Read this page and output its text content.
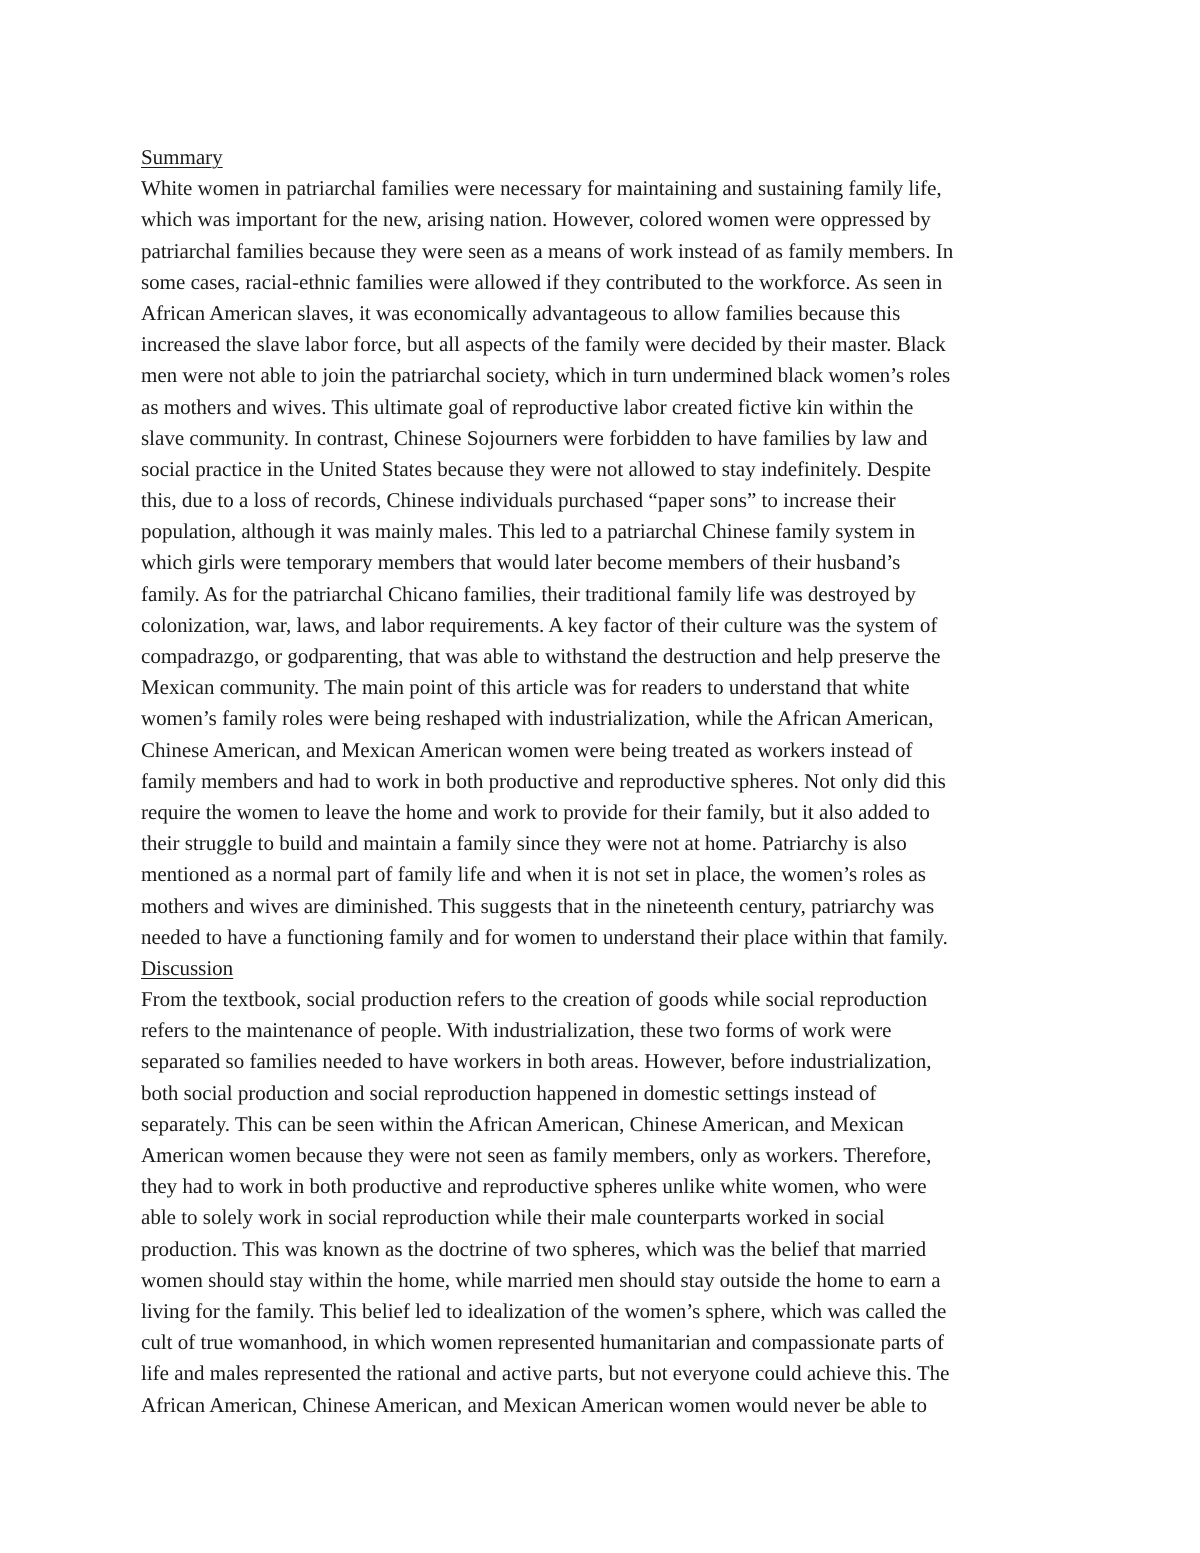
Summary
White women in patriarchal families were necessary for maintaining and sustaining family life,
which was important for the new, arising nation. However, colored women were oppressed by
patriarchal families because they were seen as a means of work instead of as family members. In
some cases, racial-ethnic families were allowed if they contributed to the workforce. As seen in
African American slaves, it was economically advantageous to allow families because this
increased the slave labor force, but all aspects of the family were decided by their master. Black
men were not able to join the patriarchal society, which in turn undermined black women’s roles
as mothers and wives. This ultimate goal of reproductive labor created fictive kin within the
slave community. In contrast, Chinese Sojourners were forbidden to have families by law and
social practice in the United States because they were not allowed to stay indefinitely. Despite
this, due to a loss of records, Chinese individuals purchased “paper sons” to increase their
population, although it was mainly males. This led to a patriarchal Chinese family system in
which girls were temporary members that would later become members of their husband’s
family. As for the patriarchal Chicano families, their traditional family life was destroyed by
colonization, war, laws, and labor requirements. A key factor of their culture was the system of
compadrazgo, or godparenting, that was able to withstand the destruction and help preserve the
Mexican community. The main point of this article was for readers to understand that white
women’s family roles were being reshaped with industrialization, while the African American,
Chinese American, and Mexican American women were being treated as workers instead of
family members and had to work in both productive and reproductive spheres. Not only did this
require the women to leave the home and work to provide for their family, but it also added to
their struggle to build and maintain a family since they were not at home. Patriarchy is also
mentioned as a normal part of family life and when it is not set in place, the women’s roles as
mothers and wives are diminished. This suggests that in the nineteenth century, patriarchy was
needed to have a functioning family and for women to understand their place within that family.
Discussion
From the textbook, social production refers to the creation of goods while social reproduction
refers to the maintenance of people. With industrialization, these two forms of work were
separated so families needed to have workers in both areas. However, before industrialization,
both social production and social reproduction happened in domestic settings instead of
separately. This can be seen within the African American, Chinese American, and Mexican
American women because they were not seen as family members, only as workers. Therefore,
they had to work in both productive and reproductive spheres unlike white women, who were
able to solely work in social reproduction while their male counterparts worked in social
production. This was known as the doctrine of two spheres, which was the belief that married
women should stay within the home, while married men should stay outside the home to earn a
living for the family. This belief led to idealization of the women’s sphere, which was called the
cult of true womanhood, in which women represented humanitarian and compassionate parts of
life and males represented the rational and active parts, but not everyone could achieve this. The
African American, Chinese American, and Mexican American women would never be able to
